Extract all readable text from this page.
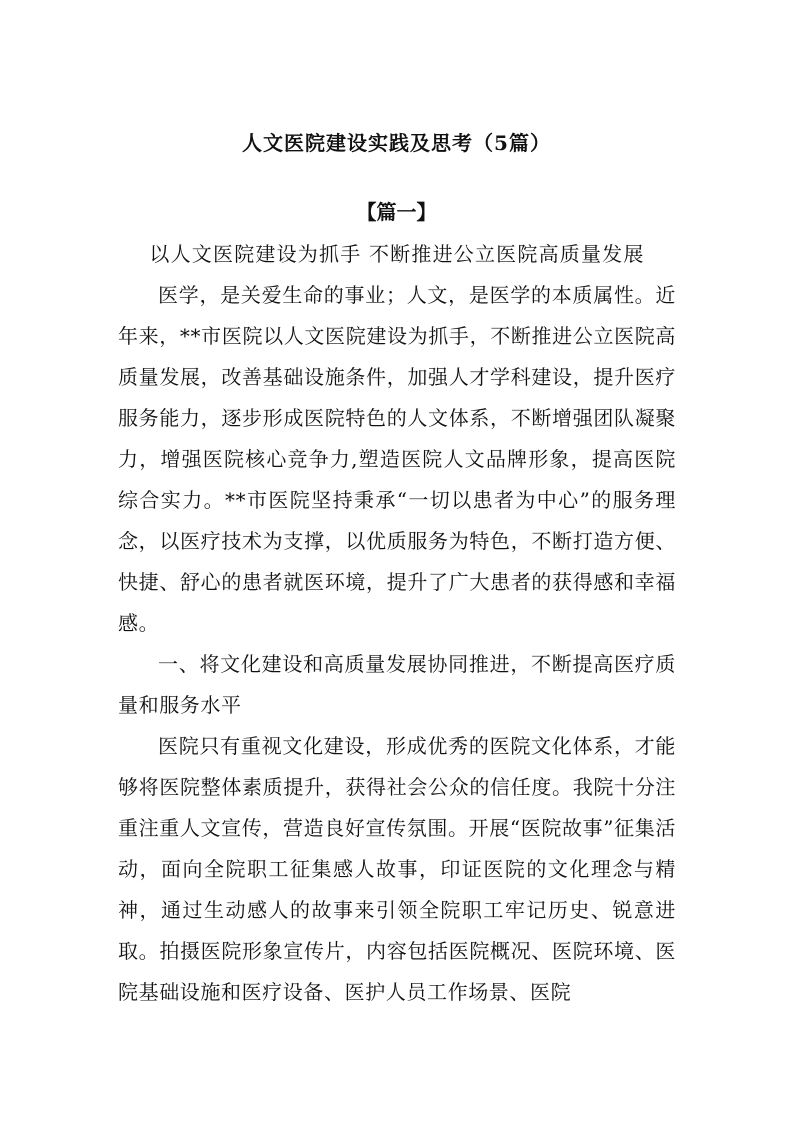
人文医院建设实践及思考（5篇）
【篇一】

以人文医院建设为抓手 不断推进公立医院高质量发展

医学，是关爱生命的事业；人文，是医学的本质属性。近年来，**市医院以人文医院建设为抓手，不断推进公立医院高质量发展，改善基础设施条件，加强人才学科建设，提升医疗服务能力，逐步形成医院特色的人文体系，不断增强团队凝聚力，增强医院核心竞争力,塑造医院人文品牌形象，提高医院综合实力。**市医院坚持秉承“一切以患者为中心”的服务理念，以医疗技术为支撑，以优质服务为特色，不断打造方便、快捷、舒心的患者就医环境，提升了广大患者的获得感和幸福感。

一、将文化建设和高质量发展协同推进，不断提高医疗质量和服务水平

医院只有重视文化建设，形成优秀的医院文化体系，才能够将医院整体素质提升，获得社会公众的信任度。我院十分注重注重人文宣传，营造良好宣传氛围。开展“医院故事”征集活动，面向全院职工征集感人故事，印证医院的文化理念与精神，通过生动感人的故事来引领全院职工牢记历史、锐意进取。拍摄医院形象宣传片，内容包括医院概况、医院环境、医院基础设施和医疗设备、医护人员工作场景、医院
